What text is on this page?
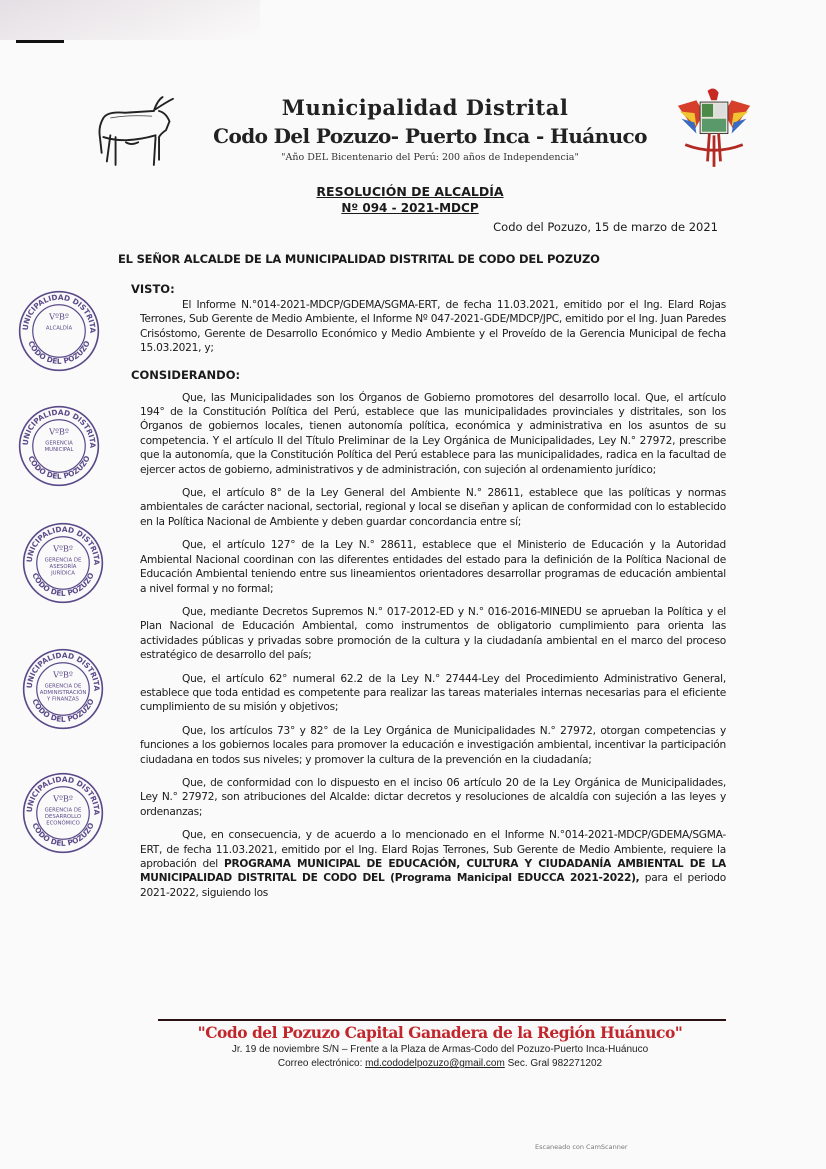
Municipalidad Distrital
Codo Del Pozuzo- Puerto Inca - Huánuco
"Año DEL Bicentenario del Perú: 200 años de Independencia"
RESOLUCIÓN DE ALCALDÍA
Nº 094 - 2021-MDCP
Codo del Pozuzo, 15 de marzo de 2021
EL SEÑOR ALCALDE DE LA MUNICIPALIDAD DISTRITAL DE CODO DEL POZUZO
VISTO:

El Informe N.°014-2021-MDCP/GDEMA/SGMA-ERT, de fecha 11.03.2021, emitido por el Ing. Elard Rojas Terrones, Sub Gerente de Medio Ambiente, el Informe Nº 047-2021-GDE/MDCP/JPC, emitido por el Ing. Juan Paredes Crisóstomo, Gerente de Desarrollo Económico y Medio Ambiente y el Proveído de la Gerencia Municipal de fecha 15.03.2021, y;

CONSIDERANDO:

Que, las Municipalidades son los Órganos de Gobierno promotores del desarrollo local. Que, el artículo 194° de la Constitución Política del Perú, establece que las municipalidades provinciales y distritales, son los Órganos de gobiernos locales, tienen autonomía política, económica y administrativa en los asuntos de su competencia. Y el artículo II del Título Preliminar de la Ley Orgánica de Municipalidades, Ley N.° 27972, prescribe que la autonomía, que la Constitución Política del Perú establece para las municipalidades, radica en la facultad de ejercer actos de gobierno, administrativos y de administración, con sujeción al ordenamiento jurídico;

Que, el artículo 8° de la Ley General del Ambiente N.° 28611, establece que las políticas y normas ambientales de carácter nacional, sectorial, regional y local se diseñan y aplican de conformidad con lo establecido en la Política Nacional de Ambiente y deben guardar concordancia entre sí;

Que, el artículo 127° de la Ley N.° 28611, establece que el Ministerio de Educación y la Autoridad Ambiental Nacional coordinan con las diferentes entidades del estado para la definición de la Política Nacional de Educación Ambiental teniendo entre sus lineamientos orientadores desarrollar programas de educación ambiental a nivel formal y no formal;

Que, mediante Decretos Supremos N.° 017-2012-ED y N.° 016-2016-MINEDU se aprueban la Política y el Plan Nacional de Educación Ambiental, como instrumentos de obligatorio cumplimiento para orienta las actividades públicas y privadas sobre promoción de la cultura y la ciudadanía ambiental en el marco del proceso estratégico de desarrollo del país;

Que, el artículo 62° numeral 62.2 de la Ley N.° 27444-Ley del Procedimiento Administrativo General, establece que toda entidad es competente para realizar las tareas materiales internas necesarias para el eficiente cumplimiento de su misión y objetivos;

Que, los artículos 73° y 82° de la Ley Orgánica de Municipalidades N.° 27972, otorgan competencias y funciones a los gobiernos locales para promover la educación e investigación ambiental, incentivar la participación ciudadana en todos sus niveles; y promover la cultura de la prevención en la ciudadanía;

Que, de conformidad con lo dispuesto en el inciso 06 artículo 20 de la Ley Orgánica de Municipalidades, Ley N.° 27972, son atribuciones del Alcalde: dictar decretos y resoluciones de alcaldía con sujeción a las leyes y ordenanzas;

Que, en consecuencia, y de acuerdo a lo mencionado en el Informe N.°014-2021-MDCP/GDEMA/SGMA-ERT, de fecha 11.03.2021, emitido por el Ing. Elard Rojas Terrones, Sub Gerente de Medio Ambiente, requiere la aprobación del PROGRAMA MUNICIPAL DE EDUCACIÓN, CULTURA Y CIUDADANÍA AMBIENTAL DE LA MUNICIPALIDAD DISTRITAL DE CODO DEL (Programa Manicipal EDUCCA 2021-2022), para el periodo 2021-2022, siguiendo los

UNICIPALIDAD DISTRITA
CODO DEL POZUZO
VºBº
ALCALDÍA
UNICIPALIDAD DISTRITA
CODO DEL POZUZO
VºBº
GERENCIA
MUNICIPAL
UNICIPALIDAD DISTRITA
CODO DEL POZUZO
VºBº
GERENCIA DE
ASESORÍA
JURÍDICA
UNICIPALIDAD DISTRITA
CODO DEL POZUZO
VºBº
GERENCIA DE
ADMINISTRACIÓN
Y FINANZAS
UNICIPALIDAD DISTRITA
CODO DEL POZUZO
VºBº
GERENCIA DE
DESARROLLO
ECONÓMICO
"Codo del Pozuzo Capital Ganadera de la Región Huánuco"
Jr. 19 de noviembre S/N – Frente a la Plaza de Armas-Codo del Pozuzo-Puerto Inca-Huánuco
Correo electrónico: md.cododelpozuzo@gmail.com Sec. Gral 982271202
Escaneado con CamScanner
